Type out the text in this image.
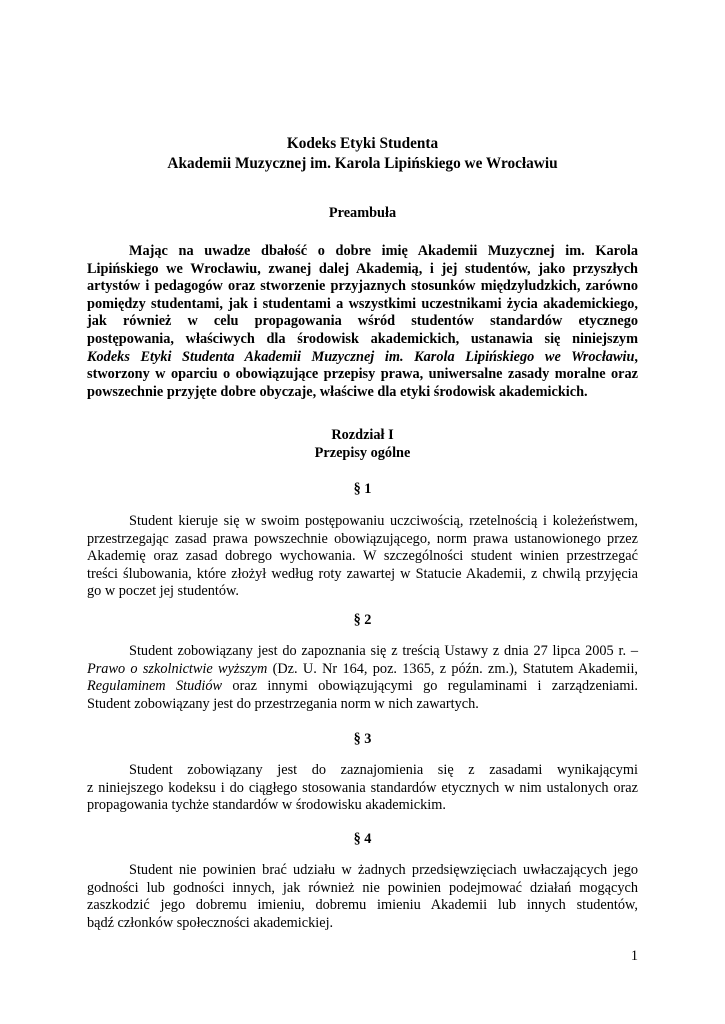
Kodeks Etyki Studenta
Akademii Muzycznej im. Karola Lipińskiego we Wrocławiu
Preambuła
Mając na uwadze dbałość o dobre imię Akademii Muzycznej im. Karola
Lipińskiego we Wrocławiu, zwanej dalej Akademią, i jej studentów, jako przyszłych
artystów i pedagogów oraz stworzenie przyjaznych stosunków międzyludzkich, zarówno
pomiędzy studentami, jak i studentami a wszystkimi uczestnikami życia akademickiego,
jak również w celu propagowania wśród studentów standardów etycznego
postępowania, właściwych dla środowisk akademickich, ustanawia się niniejszym
Kodeks Etyki Studenta Akademii Muzycznej im. Karola Lipińskiego we Wrocławiu,
stworzony w oparciu o obowiązujące przepisy prawa, uniwersalne zasady moralne oraz
powszechnie przyjęte dobre obyczaje, właściwe dla etyki środowisk akademickich.
Rozdział I
Przepisy ogólne
§ 1
Student kieruje się w swoim postępowaniu uczciwością, rzetelnością i koleżeństwem,
przestrzegając zasad prawa powszechnie obowiązującego, norm prawa ustanowionego przez
Akademię oraz zasad dobrego wychowania. W szczególności student winien przestrzegać
treści ślubowania, które złożył według roty zawartej w Statucie Akademii, z chwilą przyjęcia
go w poczet jej studentów.
§ 2
Student zobowiązany jest do zapoznania się z treścią Ustawy z dnia 27 lipca 2005 r. –
Prawo o szkolnictwie wyższym (Dz. U. Nr 164, poz. 1365, z późn. zm.), Statutem Akademii,
Regulaminem Studiów oraz innymi obowiązującymi go regulaminami i zarządzeniami.
Student zobowiązany jest do przestrzegania norm w nich zawartych.
§ 3
Student zobowiązany jest do zaznajomienia się z zasadami wynikającymi
z niniejszego kodeksu i do ciągłego stosowania standardów etycznych w nim ustalonych oraz
propagowania tychże standardów w środowisku akademickim.
§ 4
Student nie powinien brać udziału w żadnych przedsięwzięciach uwłaczających jego
godności lub godności innych, jak również nie powinien podejmować działań mogących
zaszkodzić jego dobremu imieniu, dobremu imieniu Akademii lub innych studentów,
bądź członków społeczności akademickiej.
1
